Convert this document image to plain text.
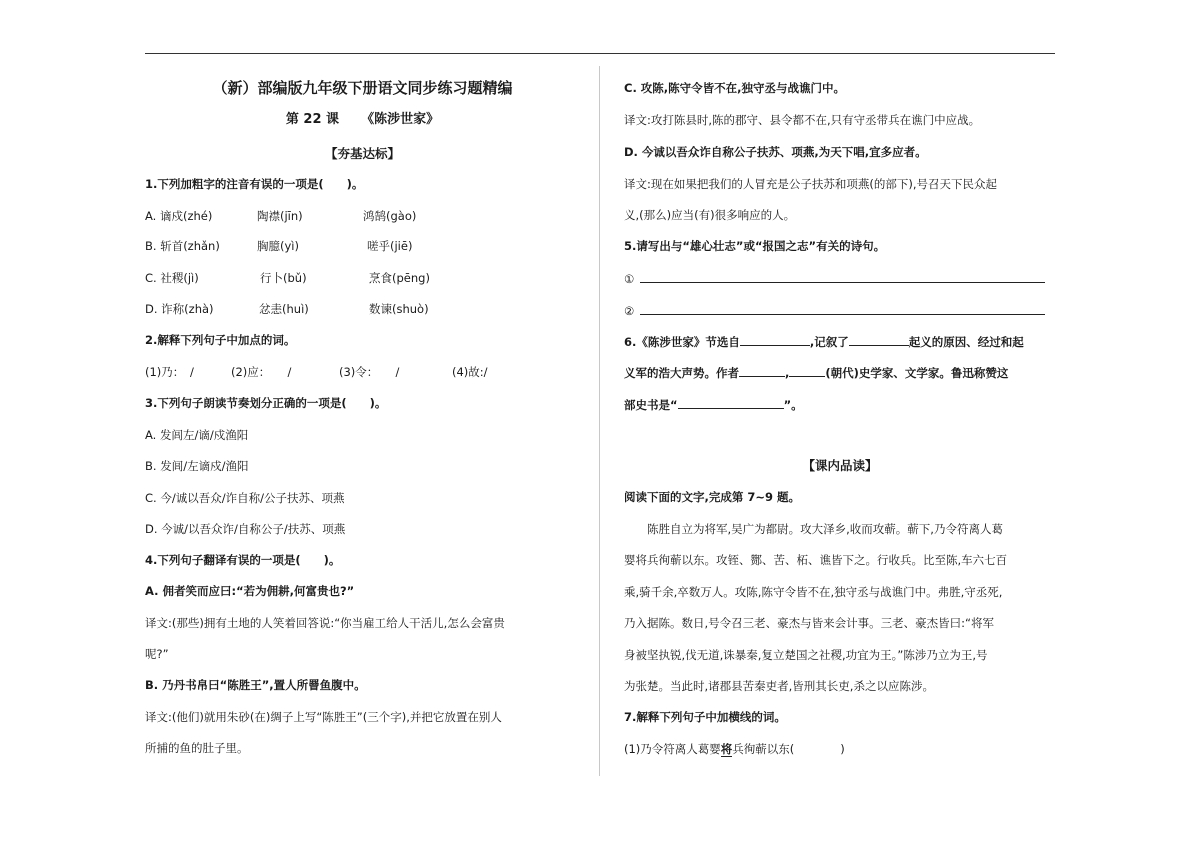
（新）部编版九年级下册语文同步练习题精编
第 22 课 《陈涉世家》
【夯基达标】
1.下列加粗字的注音有误的一项是(　　)。
A. 谪戍(zhé)	陶襟(jīn)	鸿鹄(gào)
B. 斩首(zhǎn)	胸臆(yì)	嗟乎(jiē)
C. 社稷(jì)	行卜(bǔ)	烹食(pēng)
D. 诈称(zhà)	忿恚(huì)	数谏(shuò)
2.解释下列句子中加点的词。
(1)乃：　/	(2)应：　　/	(3)令：　　/	(4)故:/
3.下列句子朗读节奏划分正确的一项是(　　)。
A. 发闾左/谪/戍渔阳
B. 发闾/左谪戍/渔阳
C. 今/诚以吾众/诈自称/公子扶苏、项燕
D. 今诚/以吾众诈/自称公子/扶苏、项燕
4.下列句子翻译有误的一项是(　　)。
A. 佣者笑而应曰:“若为佣耕,何富贵也?”
译文:(那些)拥有土地的人笑着回答说:“你当雇工给人干活儿,怎么会富贵
呢?”
B. 乃丹书帛曰“陈胜王”,置人所罾鱼腹中。
译文:(他们)就用朱砂(在)绸子上写“陈胜王”(三个字),并把它放置在别人
所捕的鱼的肚子里。
C. 攻陈,陈守令皆不在,独守丞与战谯门中。
译文:攻打陈县时,陈的郡守、县令都不在,只有守丞带兵在谯门中应战。
D. 今诚以吾众诈自称公子扶苏、项燕,为天下唱,宜多应者。
译文:现在如果把我们的人冒充是公子扶苏和项燕(的部下),号召天下民众起
义,(那么)应当(有)很多响应的人。
5.请写出与“雄心壮志”或“报国之志”有关的诗句。
①
②
6.《陈涉世家》节选自	,记叙了	起义的原因、经过和起
义军的浩大声势。作者	,	(朝代)史学家、文学家。鲁迅称赞这
部史书是“	”。
【课内品读】
阅读下面的文字,完成第 7~9 题。
　　陈胜自立为将军,吴广为都尉。攻大泽乡,收而攻蕲。蕲下,乃令符离人葛
婴将兵徇蕲以东。攻铚、酂、苦、柘、谯皆下之。行收兵。比至陈,车六七百
乘,骑千余,卒数万人。攻陈,陈守令皆不在,独守丞与战谯门中。弗胜,守丞死,
乃入据陈。数日,号令召三老、豪杰与皆来会计事。三老、豪杰皆曰:“将军
身被坚执锐,伐无道,诛暴秦,复立楚国之社稷,功宜为王。”陈涉乃立为王,号
为张楚。当此时,诸郡县苦秦吏者,皆刑其长吏,杀之以应陈涉。
7.解释下列句子中加横线的词。
(1)乃令符离人葛婴将兵徇蕲以东(　　　　)
